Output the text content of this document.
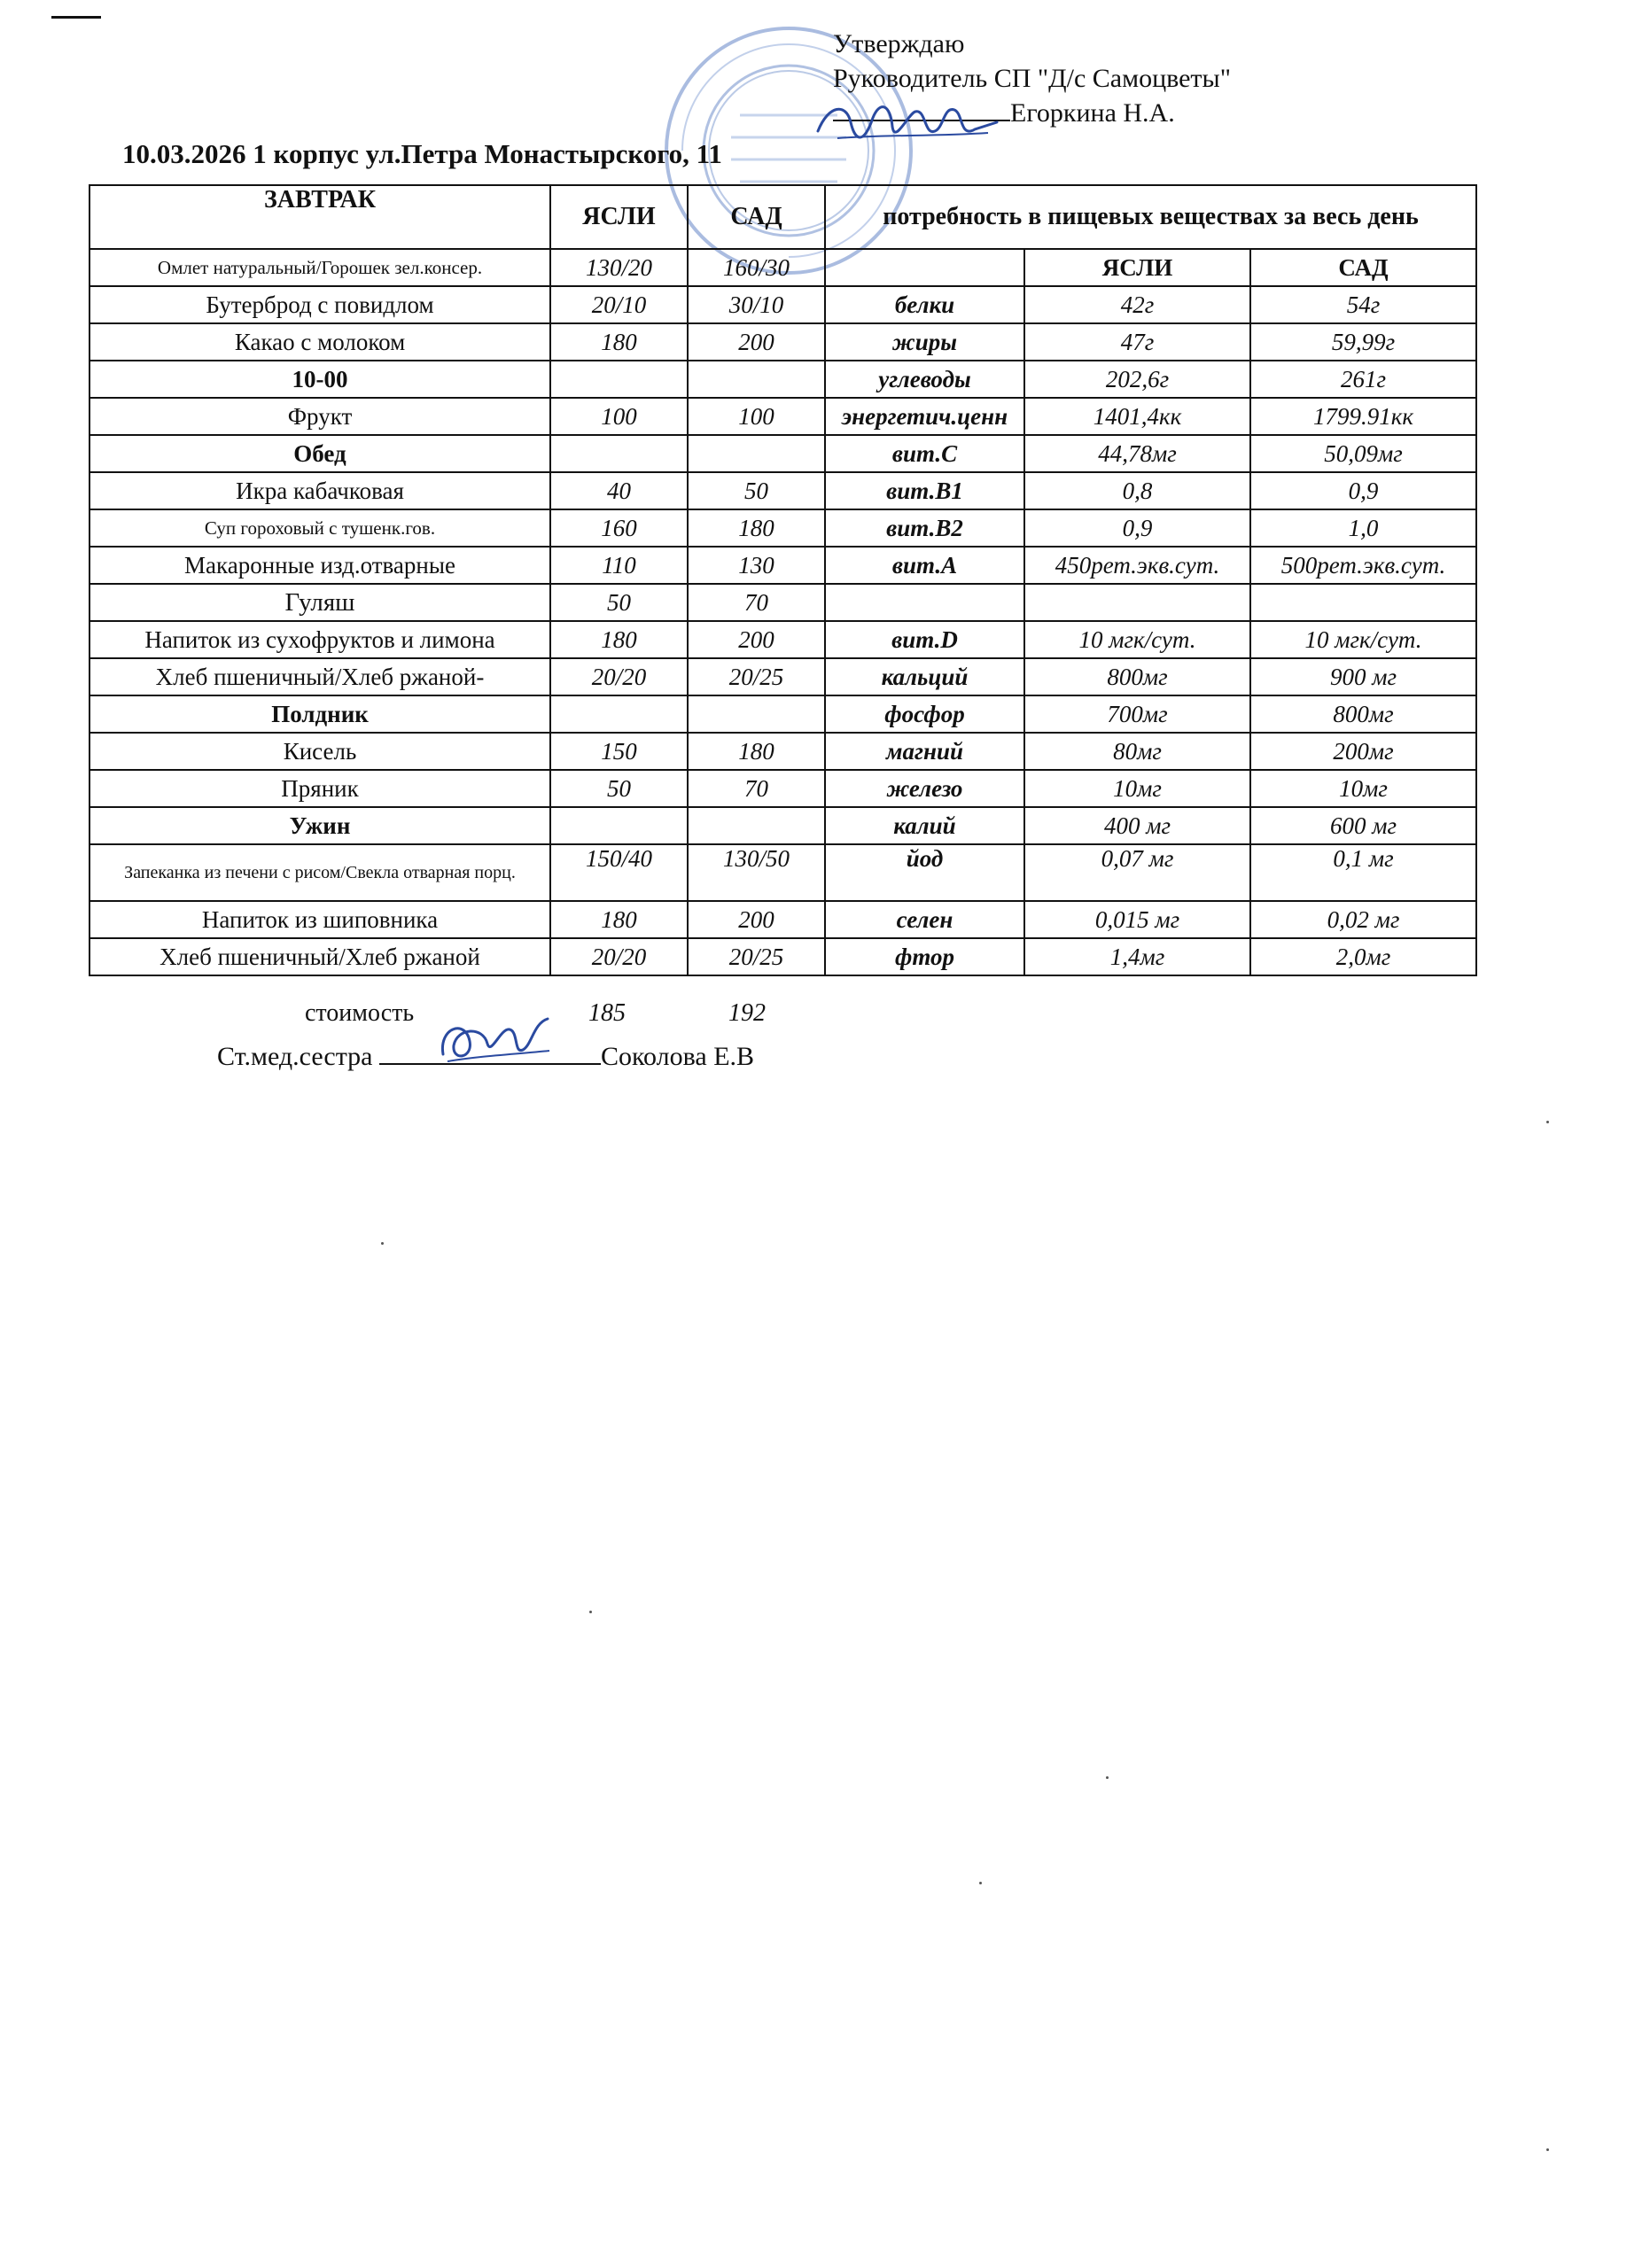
Утверждаю
Руководитель СП "Д/с Самоцветы"
Егоркина Н.А.
10.03.2026 1 корпус ул.Петра Монастырского, 11
ЗАВТРАК	ЯСЛИ	САД	потребность в пищевых веществах за весь день		
Омлет натуральный/Горошек зел.консер.	130/20	160/30		ЯСЛИ	САД
Бутерброд с повидлом	20/10	30/10	белки	42г	54г
Какао с молоком	180	200	жиры	47г	59,99г
10-00			углеводы	202,6г	261г
Фрукт	100	100	энергетич.ценн	1401,4кк	1799.91кк
Обед			вит.С	44,78мг	50,09мг
Икра кабачковая	40	50	вит.В1	0,8	0,9
Суп гороховый с тушенк.гов.	160	180	вит.В2	0,9	1,0
Макаронные изд.отварные	110	130	вит.А	450рет.экв.сут.	500рет.экв.сут.
Гуляш	50	70			
Напиток из сухофруктов и лимона	180	200	вит.D	10 мгк/сут.	10 мгк/сут.
Хлеб пшеничный/Хлеб ржаной-	20/20	20/25	кальций	800мг	900 мг
Полдник			фосфор	700мг	800мг
Кисель	150	180	магний	80мг	200мг
Пряник	50	70	железо	10мг	10мг
Ужин			калий	400 мг	600 мг
Запеканка из печени с рисом/Свекла отварная порц.	150/40	130/50	йод	0,07 мг	0,1 мг
Напиток из шиповника	180	200	селен	0,015 мг	0,02 мг
Хлеб пшеничный/Хлеб ржаной	20/20	20/25	фтор	1,4мг	2,0мг
стоимость	185	192
Ст.мед.сестра	Соколова Е.В
